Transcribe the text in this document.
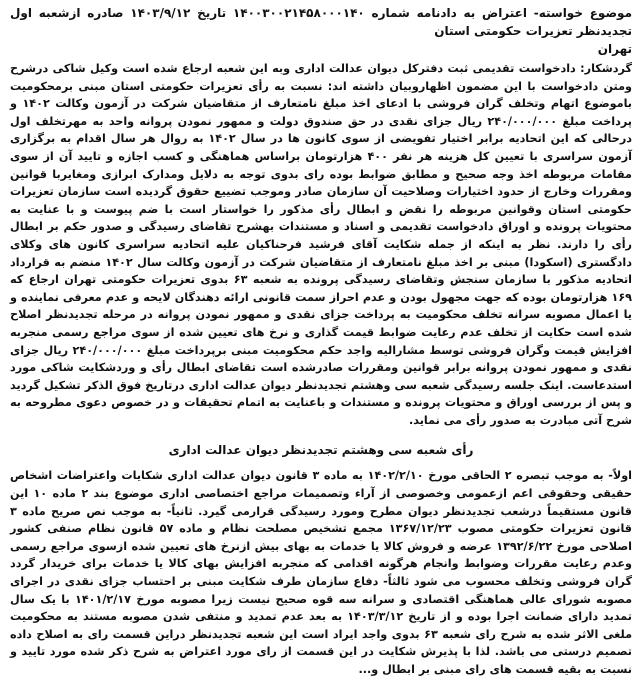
موضوع خواسته- اعتراض به دادنامه شماره ۱۴۰۰۳۰۰۲۱۴۵۸۰۰۰۱۴۰ تاریخ ۱۴۰۳/۹/۱۲ صادره ازشعبه اول تجدیدنظر تعزیرات حکومتی استان
تهران

گردشکار: دادخواست تقدیمی ثبت دفترکل دیوان عدالت اداری وبه این شعبه ارجاع شده است وکیل شاکی درشرح ومتن دادخواست با این مضمون اظهاروبیان داشته اند: نسبت به رأی تعزیرات حکومتی استان مبنی برمحکومیت باموضوع اتهام وتخلف گران فروشی با ادعای اخذ مبلغ نامتعارف از متقاضیان شرکت در آزمون وکالت ۱۴۰۲ و پرداخت مبلغ ۲۴۰/۰۰۰/۰۰۰ ریال جزای نقدی در حق صندوق دولت و ممهور نمودن پروانه واحد به مهرتخلف اول درحالی که این اتحادیه برابر اختیار تفویضی از سوی کانون ها در سال ۱۴۰۲ به روال هر سال اقدام به برگزاری آزمون سراسری با تعیین کل هزینه هر نفر ۴۰۰ هزارتومان براساس هماهنگی و کسب اجازه و تایید آن از سوی مقامات مربوطه اخذ وجه صحیح و مطابق ضوابط بوده رای بدوی توجه به دلایل ومدارک ابرازی ومغایربا قوانین ومقررات وخارج از حدود اختیارات وصلاحیت آن سازمان صادر وموجب تضییع حقوق گردیده است سازمان تعزیرات حکومتی استان وقوانین مربوطه را نقض و ابطال رأی مذکور را خواستار است با ضم پیوست و با عنایت به محتویات پرونده و اوراق دادخواست تقدیمی و اسناد و مستندات بهشرح تقاضای رسیدگی و صدور حکم بر ابطال رأی را دارند. نظر به اینکه از جمله شکایت آقای فرشید فرحناکیان علیه اتحادیه سراسری کانون های وکلای دادگستری (اسکودا) مبنی بر اخذ مبلغ نامتعارف از متقاضیان شرکت در آزمون وکالت سال ۱۴۰۲ منضم به قرارداد اتحادیه مذکور با سازمان سنجش وتقاضای رسیدگی پرونده به شعبه ۶۳ بدوی تعزیرات حکومتی تهران ارجاع که ۱۶۹ هزارتومان بوده که جهت مجهول بودن و عدم احراز سمت قانونی ارائه دهندگان لایحه و عدم معرفی نماینده و یا اعمال مصوبه سرانه تخلف محکومیت به پرداخت جزای نقدی و ممهور نمودن پروانه در مرحله تجدیدنظر اصلاح شده است حکایت از تخلف عدم رعایت ضوابط قیمت گذاری و نرخ های تعیین شده از سوی مراجع رسمی منجربه افزایش قیمت وگران فروشی توسط مشارالیه واجد حکم محکومیت مبنی برپرداخت مبلغ ۲۴۰/۰۰۰/۰۰۰ ریال جزای نقدی و ممهور نمودن پروانه برابر قوانین ومقررات صادرشده است تقاضای ابطال رأی و وردشکایت شاکی مورد استدعاست. اینک جلسه رسیدگی شعبه سی وهشتم تجدیدنظر دیوان عدالت اداری درتاریخ فوق الذکر تشکیل گردید و پس از بررسی اوراق و محتویات پرونده و مستندات و باعنایت به اتمام تحقیقات و در خصوص دعوی مطروحه به شرح آتی مبادرت به صدور رأی می نماید.

رأی شعبه سی وهشتم تجدیدنظر دیوان عدالت اداری

اولاً- به موجب تبصره ۲ الحاقی مورخ ۱۴۰۲/۲/۱۰ به ماده ۳ قانون دیوان عدالت اداری شکایات واعتراضات اشخاص حقیقی وحقوقی اعم ازعمومی وخصوصی از آراء وتصمیمات مراجع اختصاصی اداری موضوع بند ۲ ماده ۱۰ این قانون مستقیماً درشعب تجدیدنظر دیوان مطرح ومورد رسیدگی قرارمی گیرد. ثانیاً- به موجب نص صریح ماده ۳ قانون تعزیرات حکومتی مصوب ۱۳۶۷/۱۲/۲۳ مجمع تشخیص مصلحت نظام و ماده ۵۷ قانون نظام صنفی کشور اصلاحی مورخ ۱۳۹۲/۶/۲۲ عرضه و فروش کالا یا خدمات به بهای بیش ازنرخ های تعیین شده ازسوی مراجع رسمی وعدم رعایت مقررات وضوابط وانجام هرگونه اقدامی که منجربه افزایش بهای کالا یا خدمات برای خریدار گردد گران فروشی وتخلف محسوب می شود ثالثاً- دفاع سازمان طرف شکایت مبنی بر احتساب جزای نقدی در اجرای مصوبه شورای عالی هماهنگی اقتصادی و سرانه سه قوه صحیح نیست زیرا مصوبه مورخ ۱۴۰۱/۲/۱۷ با یک سال تمدید دارای ضمانت اجرا بوده و از تاریخ ۱۴۰۳/۳/۱۲ به بعد عدم تمدید و منتفی شدن مصوبه مستند به محکومیت ملغی الاثر شده به شرح رای شعبه ۶۳ بدوی واجد ایراد است این شعبه تجدیدنظر دراین قسمت رای به اصلاح داده تصمیم درستی می باشد. لذا با پذیرش شکایت در این قسمت از رای مورد اعتراض به شرح ذکر شده مورد تایید و نسبت به بقیه قسمت های رای مبنی بر ابطال و...
